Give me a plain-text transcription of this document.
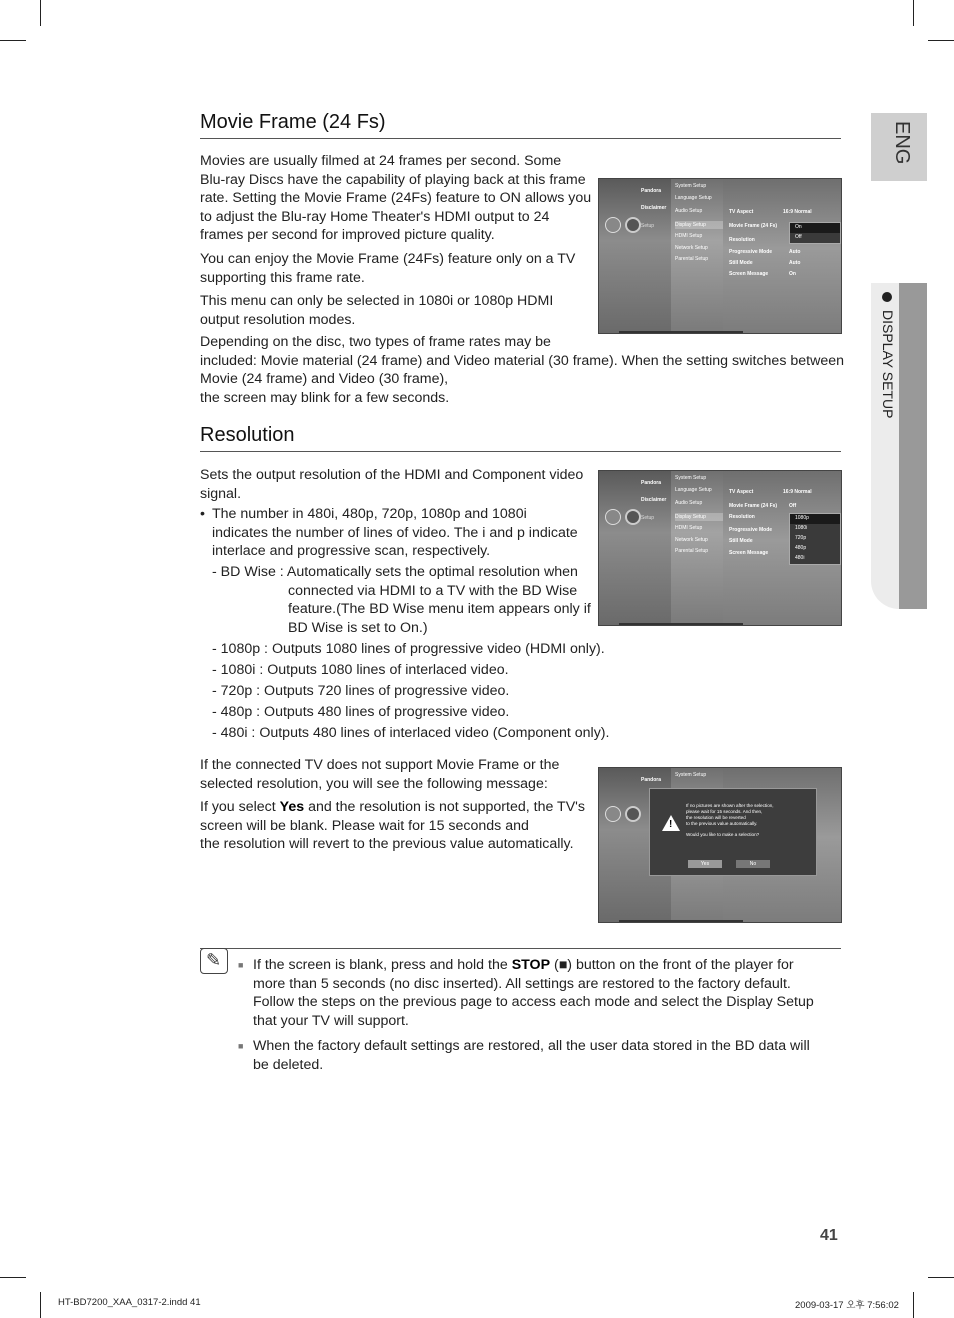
ENG
DISPLAY SETUP
Movie Frame (24 Fs)
Movies are usually filmed at 24 frames per second. Some
Blu-ray Discs have the capability of playing back at this frame
rate. Setting the Movie Frame (24Fs) feature to ON allows you
to adjust the Blu-ray Home Theater's HDMI output to 24
frames per second for improved picture quality.
You can enjoy the Movie Frame (24Fs) feature only on a TV
supporting this frame rate.
This menu can only be selected in 1080i or 1080p HDMI
output resolution modes.
Depending on the disc, two types of frame rates may be
included: Movie material (24 frame) and Video material (30 frame). When the setting switches between
Movie (24 frame) and Video (30 frame),
the screen may blink for a few seconds.
Pandora
Disclaimer
Setup
System Setup
Language Setup
Audio Setup
Display Setup
HDMI Setup
Network Setup
Parental Setup
TV Aspect
Movie Frame (24 Fs)
Resolution
Progressive Mode
Still Mode
Screen Message
16:9 Normal
Auto
Auto
On
On
Off
Resolution
Sets the output resolution of the HDMI and Component video
signal.
• The number in 480i, 480p, 720p, 1080p and 1080i
indicates the number of lines of video. The i and p indicate
interlace and progressive scan, respectively.
- BD Wise : Automatically sets the optimal resolution when
connected via HDMI to a TV with the BD Wise
feature.(The BD Wise menu item appears only if
BD Wise is set to On.)
- 1080p : Outputs 1080 lines of progressive video (HDMI only).
- 1080i : Outputs 1080 lines of interlaced video.
- 720p : Outputs 720 lines of progressive video.
- 480p : Outputs 480 lines of progressive video.
- 480i : Outputs 480 lines of interlaced video (Component only).
Pandora
Disclaimer
Setup
System Setup
Language Setup
Audio Setup
Display Setup
HDMI Setup
Network Setup
Parental Setup
TV Aspect
Movie Frame (24 Fs)
Resolution
Progressive Mode
Still Mode
Screen Message
16:9 Normal
Off
1080p
1080i
720p
480p
480i
If the connected TV does not support Movie Frame or the
selected resolution, you will see the following message:
If you select Yes and the resolution is not supported, the TV's
screen will be blank. Please wait for 15 seconds and
the resolution will revert to the previous value automatically.
Pandora
System Setup
!
If no pictures are shown after the selection,
please wait for 15 seconds. And then,
the resolution will be reverted
to the previous value automatically.
Would you like to make a selection?
Yes	No
✎ ■ If the screen is blank, press and hold the STOP (■) button on the front of the player for
more than 5 seconds (no disc inserted). All settings are restored to the factory default.
Follow the steps on the previous page to access each mode and select the Display Setup
that your TV will support.
■ When the factory default settings are restored, all the user data stored in the BD data will
be deleted.
41
HT-BD7200_XAA_0317-2.indd 41	2009-03-17 오후 7:56:02
